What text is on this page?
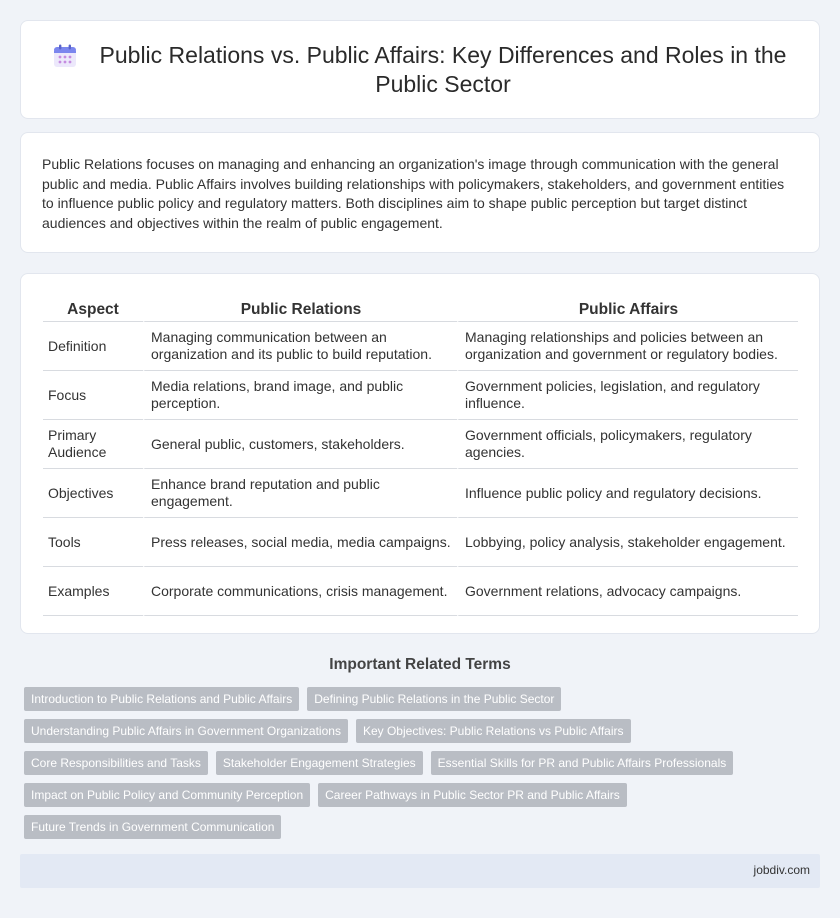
Public Relations vs. Public Affairs: Key Differences and Roles in the Public Sector

Public Relations focuses on managing and enhancing an organization's image through communication with the general public and media. Public Affairs involves building relationships with policymakers, stakeholders, and government entities to influence public policy and regulatory matters. Both disciplines aim to shape public perception but target distinct audiences and objectives within the realm of public engagement.

Aspect	Public Relations	Public Affairs
Definition	Managing communication between an organization and its public to build reputation.	Managing relationships and policies between an organization and government or regulatory bodies.
Focus	Media relations, brand image, and public perception.	Government policies, legislation, and regulatory influence.
Primary Audience	General public, customers, stakeholders.	Government officials, policymakers, regulatory agencies.
Objectives	Enhance brand reputation and public engagement.	Influence public policy and regulatory decisions.
Tools	Press releases, social media, media campaigns.	Lobbying, policy analysis, stakeholder engagement.
Examples	Corporate communications, crisis management.	Government relations, advocacy campaigns.
Important Related Terms
Introduction to Public Relations and Public Affairs	Defining Public Relations in the Public Sector
Understanding Public Affairs in Government Organizations	Key Objectives: Public Relations vs Public Affairs
Core Responsibilities and Tasks	Stakeholder Engagement Strategies	Essential Skills for PR and Public Affairs Professionals
Impact on Public Policy and Community Perception	Career Pathways in Public Sector PR and Public Affairs
Future Trends in Government Communication
jobdiv.com
